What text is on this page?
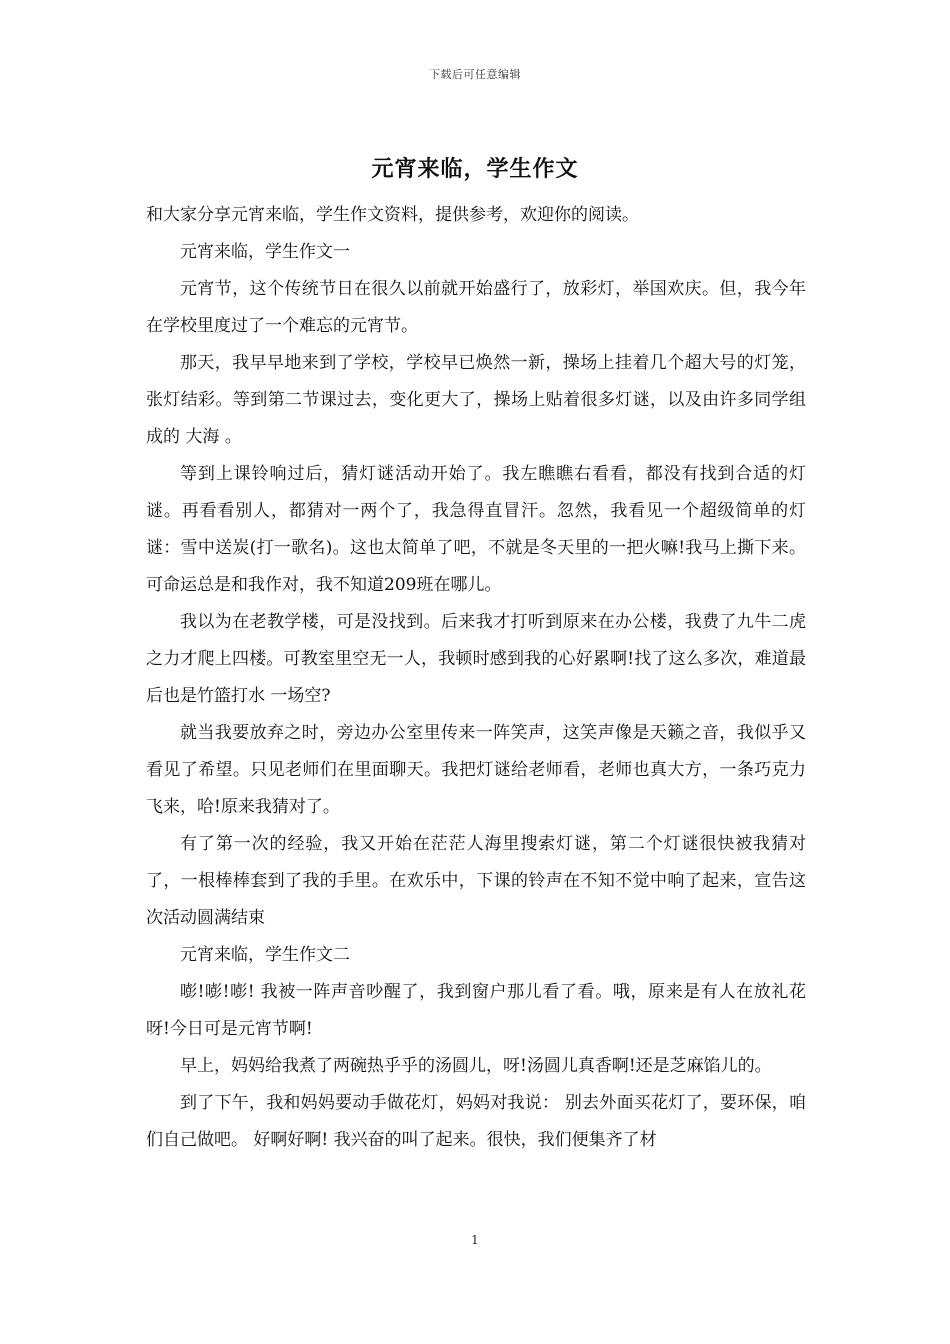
下载后可任意编辑
元宵来临，学生作文

和大家分享元宵来临，学生作文资料，提供参考，欢迎你的阅读。

元宵来临，学生作文一

元宵节，这个传统节日在很久以前就开始盛行了，放彩灯，举国欢庆。但，我今年在学校里度过了一个难忘的元宵节。

那天，我早早地来到了学校，学校早已焕然一新，操场上挂着几个超大号的灯笼，张灯结彩。等到第二节课过去，变化更大了，操场上贴着很多灯谜，以及由许多同学组成的 大海 。

等到上课铃响过后，猜灯谜活动开始了。我左瞧瞧右看看，都没有找到合适的灯谜。再看看别人，都猜对一两个了，我急得直冒汗。忽然，我看见一个超级简单的灯谜：雪中送炭(打一歌名)。这也太简单了吧，不就是冬天里的一把火嘛!我马上撕下来。可命运总是和我作对，我不知道209班在哪儿。

我以为在老教学楼，可是没找到。后来我才打听到原来在办公楼，我费了九牛二虎之力才爬上四楼。可教室里空无一人，我顿时感到我的心好累啊!找了这么多次，难道最后也是竹篮打水 一场空?

就当我要放弃之时，旁边办公室里传来一阵笑声，这笑声像是天籁之音，我似乎又看见了希望。只见老师们在里面聊天。我把灯谜给老师看，老师也真大方，一条巧克力飞来，哈!原来我猜对了。

有了第一次的经验，我又开始在茫茫人海里搜索灯谜，第二个灯谜很快被我猜对了，一根棒棒套到了我的手里。在欢乐中，下课的铃声在不知不觉中响了起来，宣告这次活动圆满结束

元宵来临，学生作文二

嘭!嘭!嘭! 我被一阵声音吵醒了，我到窗户那儿看了看。哦，原来是有人在放礼花呀!今日可是元宵节啊!

早上，妈妈给我煮了两碗热乎乎的汤圆儿，呀!汤圆儿真香啊!还是芝麻馅儿的。

到了下午，我和妈妈要动手做花灯，妈妈对我说： 别去外面买花灯了，要环保，咱们自己做吧。 好啊好啊! 我兴奋的叫了起来。很快，我们便集齐了材

1
